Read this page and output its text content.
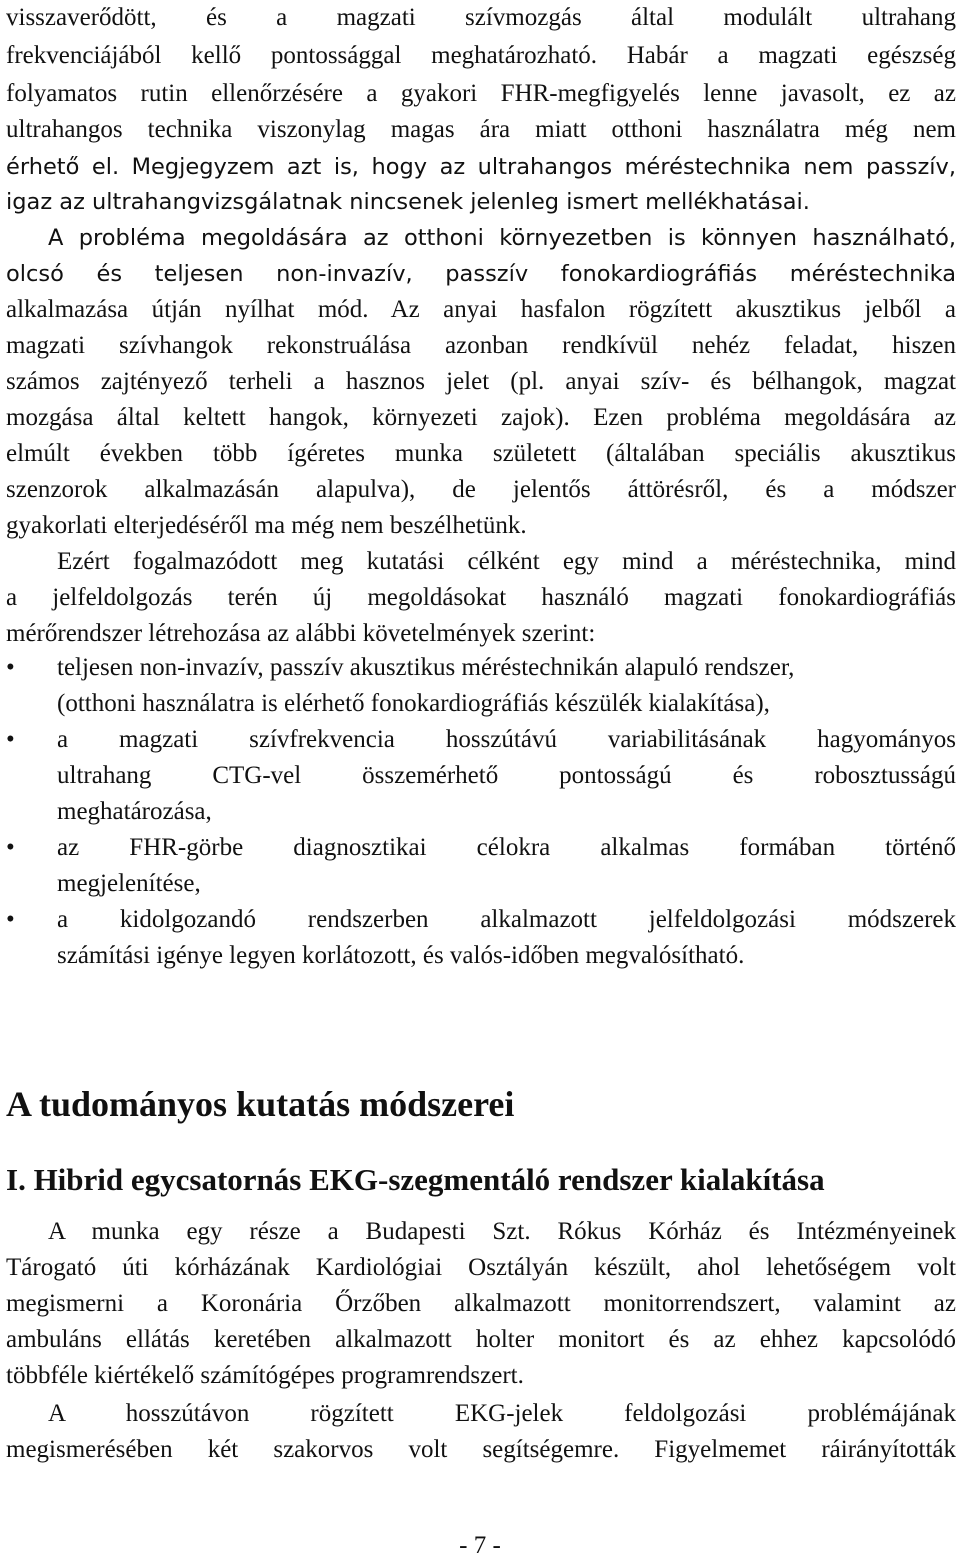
visszaverődött, és a magzati szívmozgás által modulált ultrahang
frekvenciájából kellő pontossággal meghatározható. Habár a magzati egészség
folyamatos rutin ellenőrzésére a gyakori FHR-megfigyelés lenne javasolt, ez az
ultrahangos technika viszonylag magas ára miatt otthoni használatra még nem
érhető el. Megjegyzem azt is, hogy az ultrahangos méréstechnika nem passzív,
igaz az ultrahangvizsgálatnak nincsenek jelenleg ismert mellékhatásai.
A probléma megoldására az otthoni környezetben is könnyen használható,
olcsó és teljesen non-invazív, passzív fonokardiográfiás méréstechnika
alkalmazása útján nyílhat mód. Az anyai hasfalon rögzített akusztikus jelből a
magzati szívhangok rekonstruálása azonban rendkívül nehéz feladat, hiszen
számos zajtényező terheli a hasznos jelet (pl. anyai szív- és bélhangok, magzat
mozgása által keltett hangok, környezeti zajok). Ezen probléma megoldására az
elmúlt években több ígéretes munka született (általában speciális akusztikus
szenzorok alkalmazásán alapulva), de jelentős áttörésről, és a módszer
gyakorlati elterjedéséről ma még nem beszélhetünk.
Ezért fogalmazódott meg kutatási célként egy mind a méréstechnika, mind
a jelfeldolgozás terén új megoldásokat használó magzati fonokardiográfiás
mérőrendszer létrehozása az alábbi követelmények szerint:
•	teljesen non-invazív, passzív akusztikus méréstechnikán alapuló rendszer,
(otthoni használatra is elérhető fonokardiográfiás készülék kialakítása),
•	a magzati szívfrekvencia hosszútávú variabilitásának hagyományos
ultrahang CTG-vel összemérhető pontosságú és robosztusságú
meghatározása,
•	az FHR-görbe diagnosztikai célokra alkalmas formában történő
megjelenítése,
•	a kidolgozandó rendszerben alkalmazott jelfeldolgozási módszerek
számítási igénye legyen korlátozott, és valós-időben megvalósítható.
A tudományos kutatás módszerei
I. Hibrid egycsatornás EKG-szegmentáló rendszer kialakítása
A munka egy része a Budapesti Szt. Rókus Kórház és Intézményeinek
Tárogató úti kórházának Kardiológiai Osztályán készült, ahol lehetőségem volt
megismerni a Koronária Őrzőben alkalmazott monitorrendszert, valamint az
ambuláns ellátás keretében alkalmazott holter monitort és az ehhez kapcsolódó
többféle kiértékelő számítógépes programrendszert.
A hosszútávon rögzített EKG-jelek feldolgozási problémájának
megismerésében két szakorvos volt segítségemre. Figyelmemet ráirányították
- 7 -
